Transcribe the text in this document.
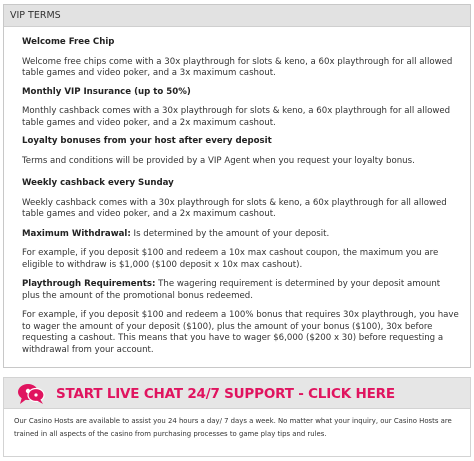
VIP TERMS

Welcome Free Chip

Welcome free chips come with a 30x playthrough for slots & keno, a 60x playthrough for all allowed table games and video poker, and a 3x maximum cashout.

Monthly VIP Insurance (up to 50%)

Monthly cashback comes with a 30x playthrough for slots & keno, a 60x playthrough for all allowed table games and video poker, and a 2x maximum cashout.

Loyalty bonuses from your host after every deposit

Terms and conditions will be provided by a VIP Agent when you request your loyalty bonus.

Weekly cashback every Sunday

Weekly cashback comes with a 30x playthrough for slots & keno, a 60x playthrough for all allowed table games and video poker, and a 2x maximum cashout.

Maximum Withdrawal: Is determined by the amount of your deposit.

For example, if you deposit $100 and redeem a 10x max cashout coupon, the maximum you are eligible to withdraw is $1,000 ($100 deposit x 10x max cashout).

Playthrough Requirements: The wagering requirement is determined by your deposit amount plus the amount of the promotional bonus redeemed.

For example, if you deposit $100 and redeem a 100% bonus that requires 30x playthrough, you have to wager the amount of your deposit ($100), plus the amount of your bonus ($100), 30x before requesting a cashout. This means that you have to wager $6,000 ($200 x 30) before requesting a withdrawal from your account.

START LIVE CHAT 24/7 SUPPORT - CLICK HERE

Our Casino Hosts are available to assist you 24 hours a day/ 7 days a week. No matter what your inquiry, our Casino Hosts are trained in all aspects of the casino from purchasing processes to game play tips and rules.
